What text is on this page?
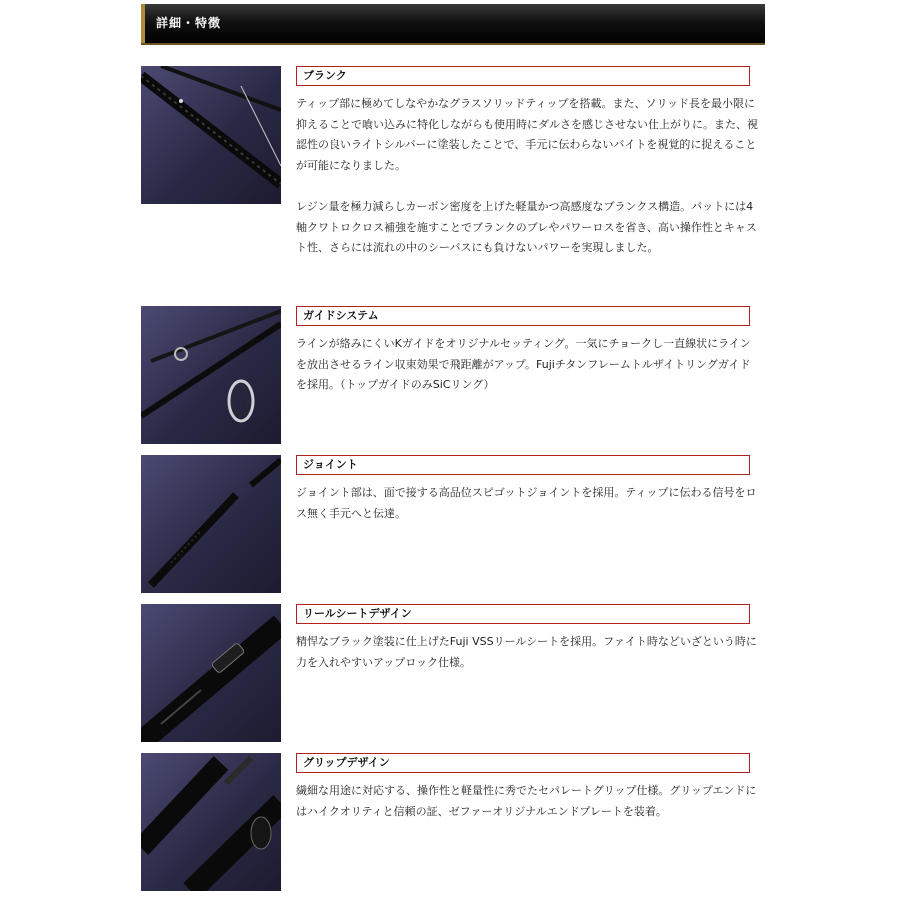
詳細・特徴
ブランク

ティップ部に極めてしなやかなグラスソリッドティップを搭載。また、ソリッド長を最小限に抑えることで喰い込みに特化しながらも使用時にダルさを感じさせない仕上がりに。また、視認性の良いライトシルバーに塗装したことで、手元に伝わらないバイトを視覚的に捉えることが可能になりました。

レジン量を極力減らしカーボン密度を上げた軽量かつ高感度なブランクス構造。バットには4軸クワトロクロス補強を施すことでブランクのブレやパワーロスを省き、高い操作性とキャスト性、さらには流れの中のシーバスにも負けないパワーを実現しました。

ガイドシステム

ラインが絡みにくいKガイドをオリジナルセッティング。一気にチョークし一直線状にラインを放出させるライン収束効果で飛距離がアップ。Fujiチタンフレームトルザイトリングガイドを採用。（トップガイドのみSiCリング）

ジョイント

ジョイント部は、面で接する高品位スピゴットジョイントを採用。ティップに伝わる信号をロス無く手元へと伝達。

リールシートデザイン

精悍なブラック塗装に仕上げたFuji VSSリールシートを採用。ファイト時などいざという時に力を入れやすいアップロック仕様。

グリップデザイン

繊細な用途に対応する、操作性と軽量性に秀でたセパレートグリップ仕様。グリップエンドにはハイクオリティと信頼の証、ゼファーオリジナルエンドプレートを装着。
